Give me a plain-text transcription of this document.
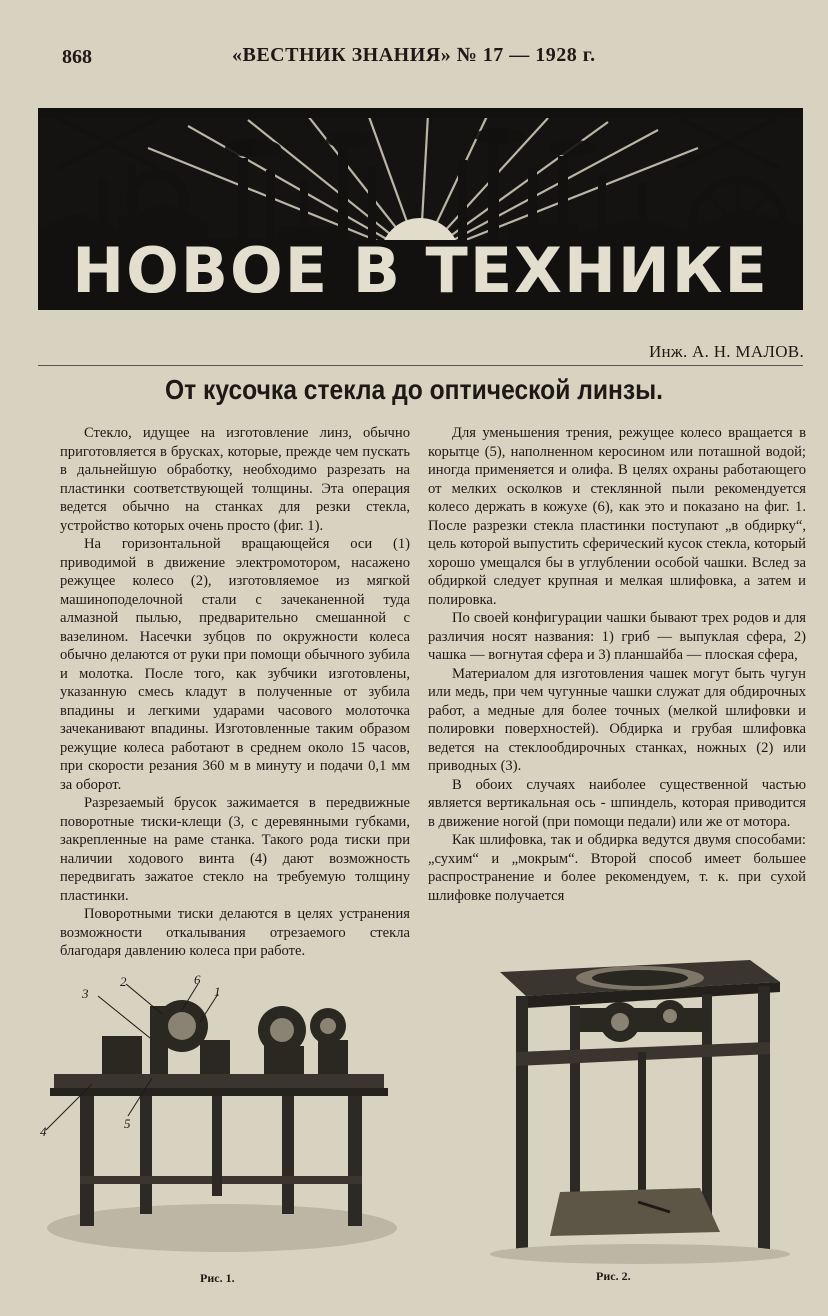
868	«ВЕСТНИК ЗНАНИЯ» № 17 — 1928 г.
НОВОЕ В ТЕХНИКЕ
Инж. А. Н. МАЛОВ.
От кусочка стекла до оптической линзы.

Стекло, идущее на изготовление линз, обычно приготовляется в брусках, которые, прежде чем пускать в дальнейшую обработку, необходимо разрезать на пластинки соответствующей толщины. Эта операция ведется обычно на станках для резки стекла, устройство которых очень просто (фиг. 1).

На горизонтальной вращающейся оси (1) приводимой в движение электромотором, насажено режущее колесо (2), изготовляемое из мягкой машиноподелочной стали с зачеканенной туда алмазной пылью, предварительно смешанной с вазелином. Насечки зубцов по окружности колеса обычно делаются от руки при помощи обычного зубила и молотка. После того, как зубчики изготовлены, указанную смесь кладут в полученные от зубила впадины и легкими ударами часового молоточка зачеканивают впадины. Изготовленные таким образом режущие колеса работают в среднем около 15 часов, при скорости резания 360 м в минуту и подачи 0,1 мм за оборот.

Разрезаемый брусок зажимается в передвижные поворотные тиски-клещи (3, с деревянными губками, закрепленные на раме станка. Такого рода тиски при наличии ходового винта (4) дают возможность передвигать зажатое стекло на требуемую толщину пластинки.

Поворотными тиски делаются в целях устранения возможности откалывания отрезаемого стекла благодаря давлению колеса при работе.

Для уменьшения трения, режущее колесо вращается в корытце (5), наполненном керосином или поташной водой; иногда применяется и олифа. В целях охраны работающего от мелких осколков и стеклянной пыли рекомендуется колесо держать в кожухе (6), как это и показано на фиг. 1. После разрезки стекла пластинки поступают „в обдирку“, цель которой выпустить сферический кусок стекла, который хорошо умещался бы в углублении особой чашки. Вслед за обдиркой следует крупная и мелкая шлифовка, а затем и полировка.

По своей конфигурации чашки бывают трех родов и для различия носят названия: 1) гриб — выпуклая сфера, 2) чашка — вогнутая сфера и 3) планшайба — плоская сфера,

Материалом для изготовления чашек могут быть чугун или медь, при чем чугунные чашки служат для обдирочных работ, а медные для более точных (мелкой шлифовки и полировки поверхностей). Обдирка и грубая шлифовка ведется на стеклообдирочных станках, ножных (2) или приводных (3).

В обоих случаях наиболее существенной частью является вертикальная ось - шпиндель, которая приводится в движение ногой (при помощи педали) или же от мотора.

Как шлифовка, так и обдирка ведутся двумя способами: „сухим“ и „мокрым“. Второй способ имеет большее распространение и более рекомендуем, т. к. при сухой шлифовке получается

1
2
3
4
5
6
Рис. 1.	Рис. 2.
